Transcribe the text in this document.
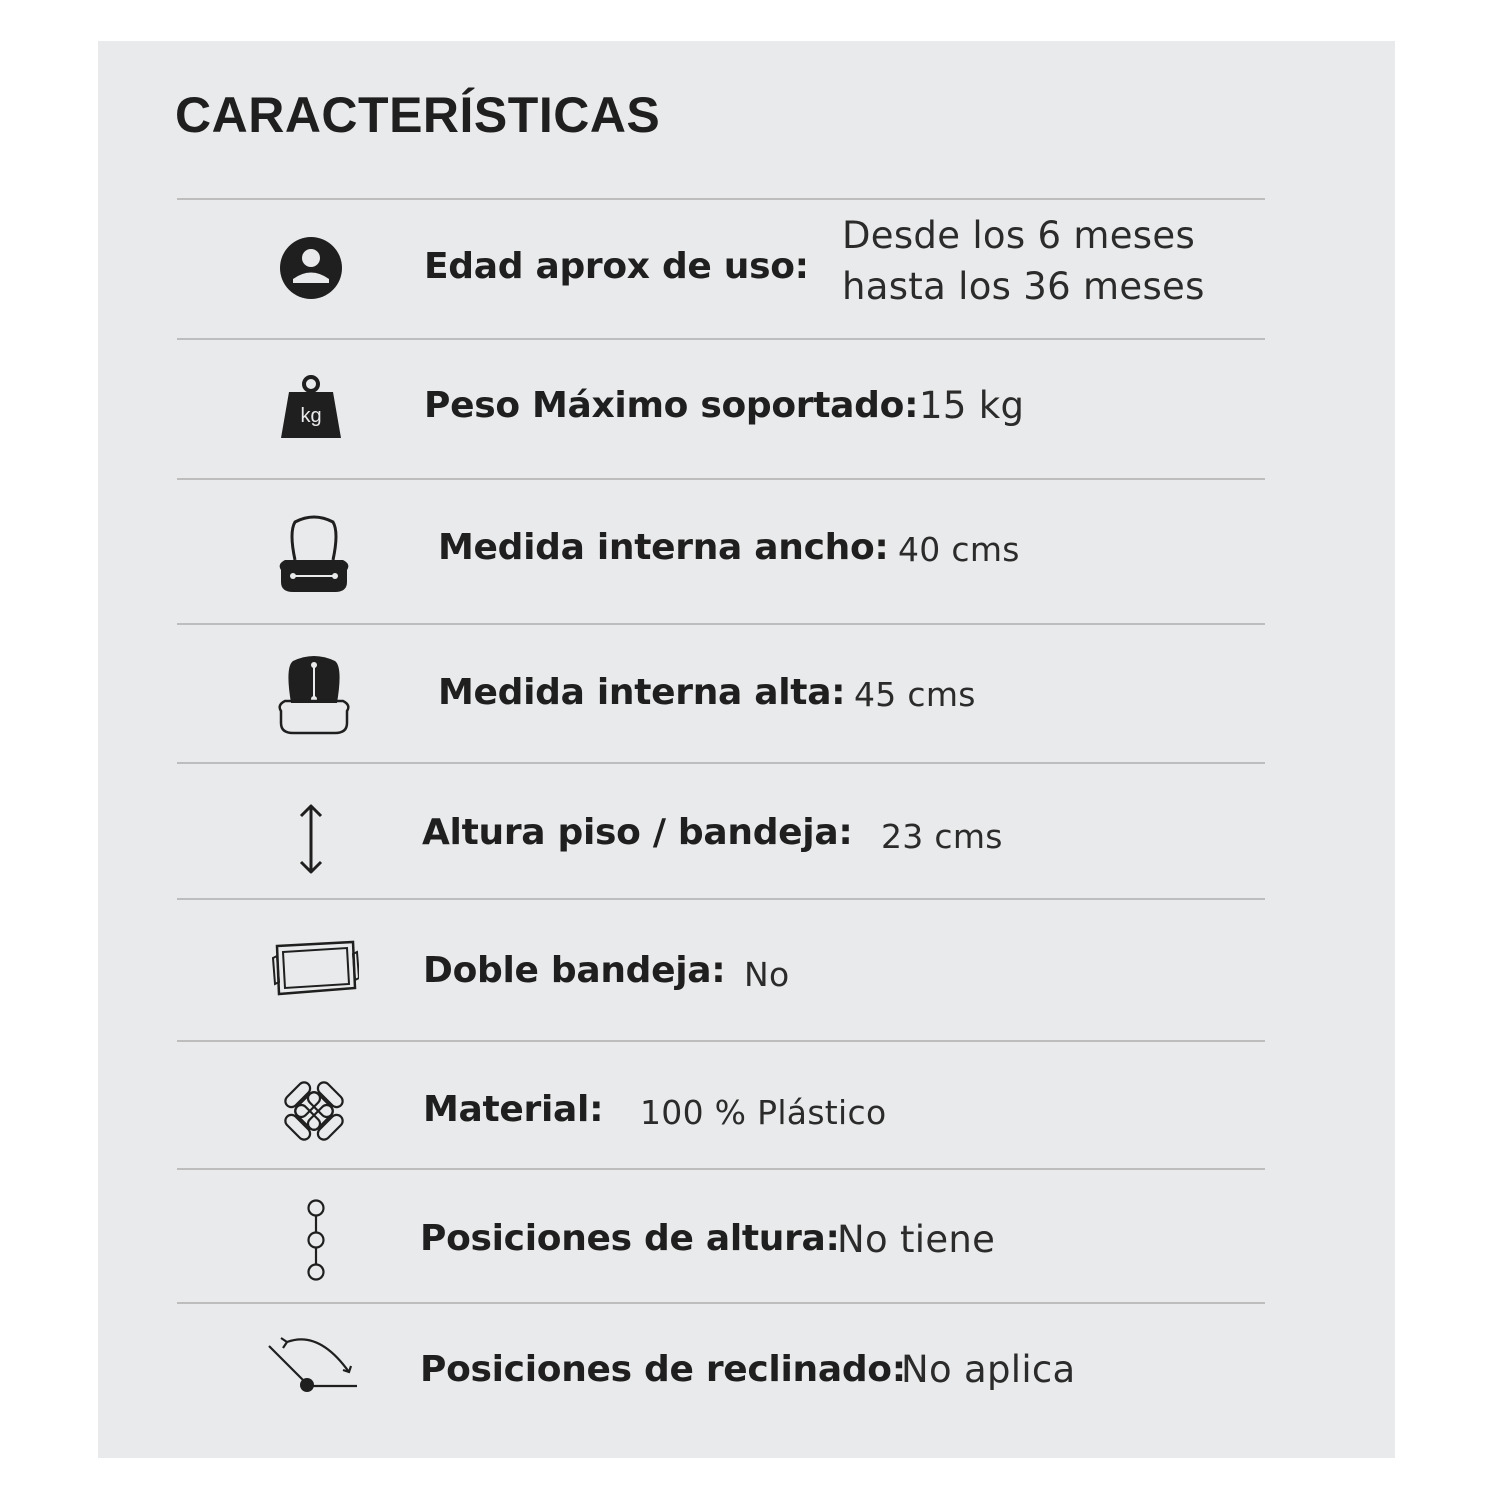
CARACTERÍSTICAS
Edad aprox de uso:
Desde los 6 meses
hasta los 36 meses
kg	Peso Máximo soportado: 15 kg
Medida interna ancho: 40 cms
Medida interna alta: 45 cms
Altura piso / bandeja: 23 cms
Doble bandeja: No
Material: 100 % Plástico
Posiciones de altura:
No tiene
Posiciones de reclinado:
No aplica
